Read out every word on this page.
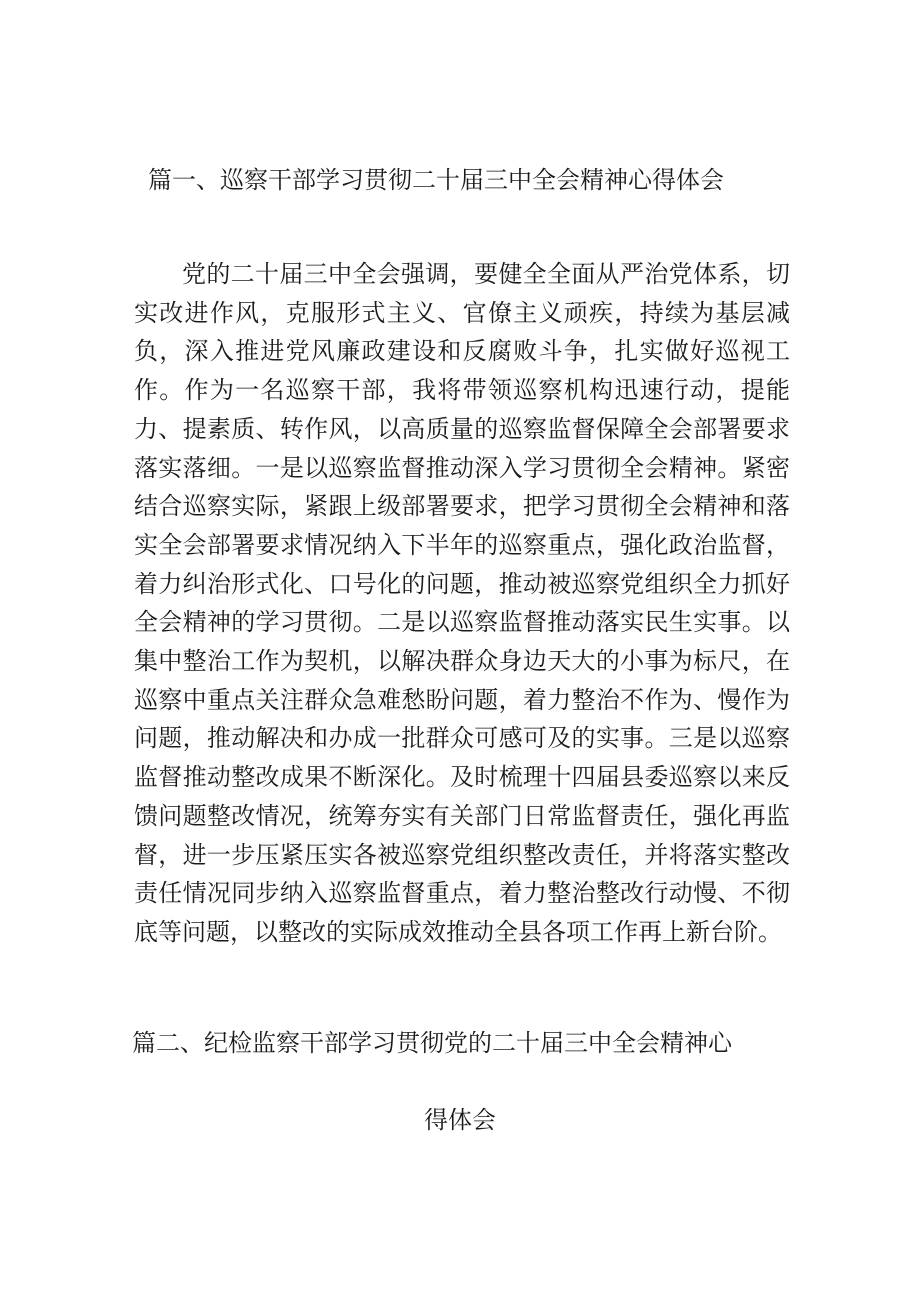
篇一、巡察干部学习贯彻二十届三中全会精神心得体会

党的二十届三中全会强调，要健全全面从严治党体系，切实改进作风，克服形式主义、官僚主义顽疾，持续为基层减负，深入推进党风廉政建设和反腐败斗争，扎实做好巡视工作。作为一名巡察干部，我将带领巡察机构迅速行动，提能力、提素质、转作风，以高质量的巡察监督保障全会部署要求落实落细。一是以巡察监督推动深入学习贯彻全会精神。紧密结合巡察实际，紧跟上级部署要求，把学习贯彻全会精神和落实全会部署要求情况纳入下半年的巡察重点，强化政治监督，着力纠治形式化、口号化的问题，推动被巡察党组织全力抓好全会精神的学习贯彻。二是以巡察监督推动落实民生实事。以集中整治工作为契机，以解决群众身边天大的小事为标尺，在巡察中重点关注群众急难愁盼问题，着力整治不作为、慢作为问题，推动解决和办成一批群众可感可及的实事。三是以巡察监督推动整改成果不断深化。及时梳理十四届县委巡察以来反馈问题整改情况，统筹夯实有关部门日常监督责任，强化再监督，进一步压紧压实各被巡察党组织整改责任，并将落实整改责任情况同步纳入巡察监督重点，着力整治整改行动慢、不彻底等问题，以整改的实际成效推动全县各项工作再上新台阶。

篇二、纪检监察干部学习贯彻党的二十届三中全会精神心
得体会
